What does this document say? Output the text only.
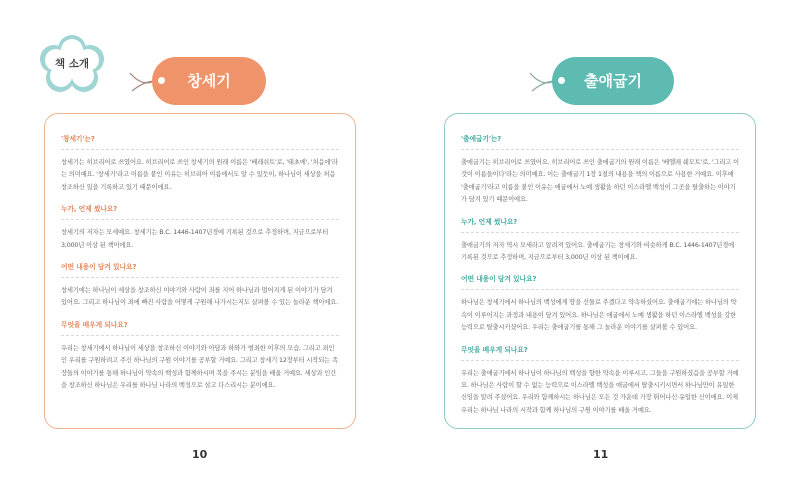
책 소개
창세기	출애굽기
'창세기'는?
창세기는 히브리어로 쓰였어요. 히브리어로 쓰인 창세기의 원래 이름은 '베레쉬트'로, '태초에', '처음에'라는 의미예요. '창세기'라고 이름을 붙인 이유는 히브리어 이름에서도 알 수 있듯이, 하나님이 세상을 처음 창조하신 일을 기록하고 있기 때문이에요.
누가, 언제 썼나요?
창세기의 저자는 모세예요. 창세기는 B.C. 1446-1407년경에 기록된 것으로 추정하며, 지금으로부터 3,000년 이상 된 책이에요.
어떤 내용이 담겨 있나요?
창세기에는 하나님이 세상을 창조하신 이야기와 사람이 죄를 지어 하나님과 멀어지게 된 이야기가 담겨 있어요. 그리고 하나님이 죄에 빠진 사람을 어떻게 구원해 나가시는지도 살펴볼 수 있는 놀라운 책이에요.
무엇을 배우게 되나요?
우리는 창세기에서 하나님이 세상을 창조하신 이야기와 아담과 하와가 범죄한 이후의 모습, 그리고 죄인인 우리를 구원하려고 주신 하나님의 구원 이야기를 공부할 거예요. 그리고 창세기 12장부터 시작되는 족장들의 이야기를 통해 하나님이 약속의 백성과 함께하시며 복을 주시는 분임을 배울 거예요. 세상과 인간을 창조하신 하나님은 우리를 하나님 나라의 백성으로 삼고 다스리시는 분이에요.
'출애굽기'는?
출애굽기는 히브리어로 쓰였어요. 히브리어로 쓰인 출애굽기의 원래 이름은 '베엘레 쉐모트'로, '그리고 이것이 이름들이다'라는 의미예요. 이는 출애굽기 1장 1절의 내용을 책의 이름으로 사용한 거예요. 이후에 '출애굽기'라고 이름을 붙인 이유는 애굽에서 노예 생활을 하던 이스라엘 백성이 그곳을 탈출하는 이야기가 담겨 있기 때문이에요.
누가, 언제 썼나요?
출애굽기의 저자 역시 모세라고 알려져 있어요. 출애굽기는 창세기와 비슷하게 B.C. 1446-1407년경에 기록된 것으로 추정하며, 지금으로부터 3,000년 이상 된 책이에요.
어떤 내용이 담겨 있나요?
하나님은 창세기에서 하나님의 백성에게 땅을 선물로 주겠다고 약속하셨어요. 출애굽기에는 하나님의 약속이 이루어지는 과정과 내용이 담겨 있어요. 하나님은 애굽에서 노예 생활을 하던 이스라엘 백성을 강한 능력으로 탈출시키셨어요. 우리는 출애굽기를 통해 그 놀라운 이야기를 살펴볼 수 있어요.
무엇을 배우게 되나요?
우리는 출애굽기에서 하나님이 하나님의 백성을 향한 약속을 이루시고, 그들을 구원하셨음을 공부할 거예요. 하나님은 사람이 할 수 없는 능력으로 이스라엘 백성을 애굽에서 탈출시키시면서 하나님만이 유일한 신임을 알려 주셨어요. 우리와 함께하시는 하나님은 모든 것 가운데 가장 뛰어나신 유일한 신이에요. 이제 우리는 하나님 나라의 시작과 함께 하나님의 구원 이야기를 배울 거예요.
10	11
